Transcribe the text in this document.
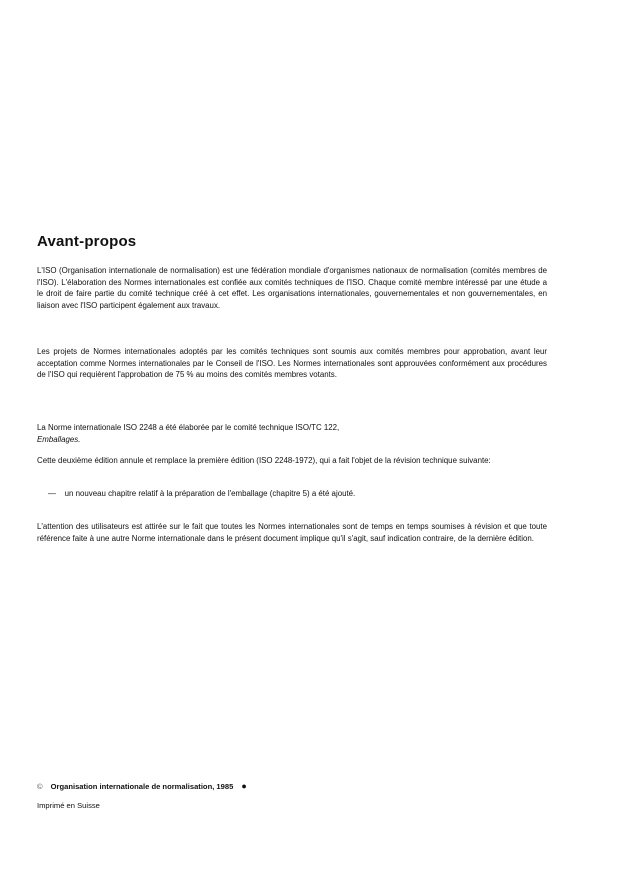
Avant-propos

L'ISO (Organisation internationale de normalisation) est une fédération mondiale d'organismes nationaux de normalisation (comités membres de l'ISO). L'élaboration des Normes internationales est confiée aux comités techniques de l'ISO. Chaque comité membre intéressé par une étude a le droit de faire partie du comité technique créé à cet effet. Les organisations internationales, gouvernementales et non gouvernementales, en liaison avec l'ISO participent également aux travaux.

Les projets de Normes internationales adoptés par les comités techniques sont soumis aux comités membres pour approbation, avant leur acceptation comme Normes internationales par le Conseil de l'ISO. Les Normes internationales sont approuvées conformément aux procédures de l'ISO qui requièrent l'approbation de 75 % au moins des comités membres votants.

La Norme internationale ISO 2248 a été élaborée par le comité technique ISO/TC 122,
Emballages.

Cette deuxième édition annule et remplace la première édition (ISO 2248-1972), qui a fait l'objet de la révision technique suivante:

— un nouveau chapitre relatif à la préparation de l'emballage (chapitre 5) a été ajouté.

L'attention des utilisateurs est attirée sur le fait que toutes les Normes internationales sont de temps en temps soumises à révision et que toute référence faite à une autre Norme internationale dans le présent document implique qu'il s'agit, sauf indication contraire, de la dernière édition.

© Organisation internationale de normalisation, 1985 ●
Imprimé en Suisse
